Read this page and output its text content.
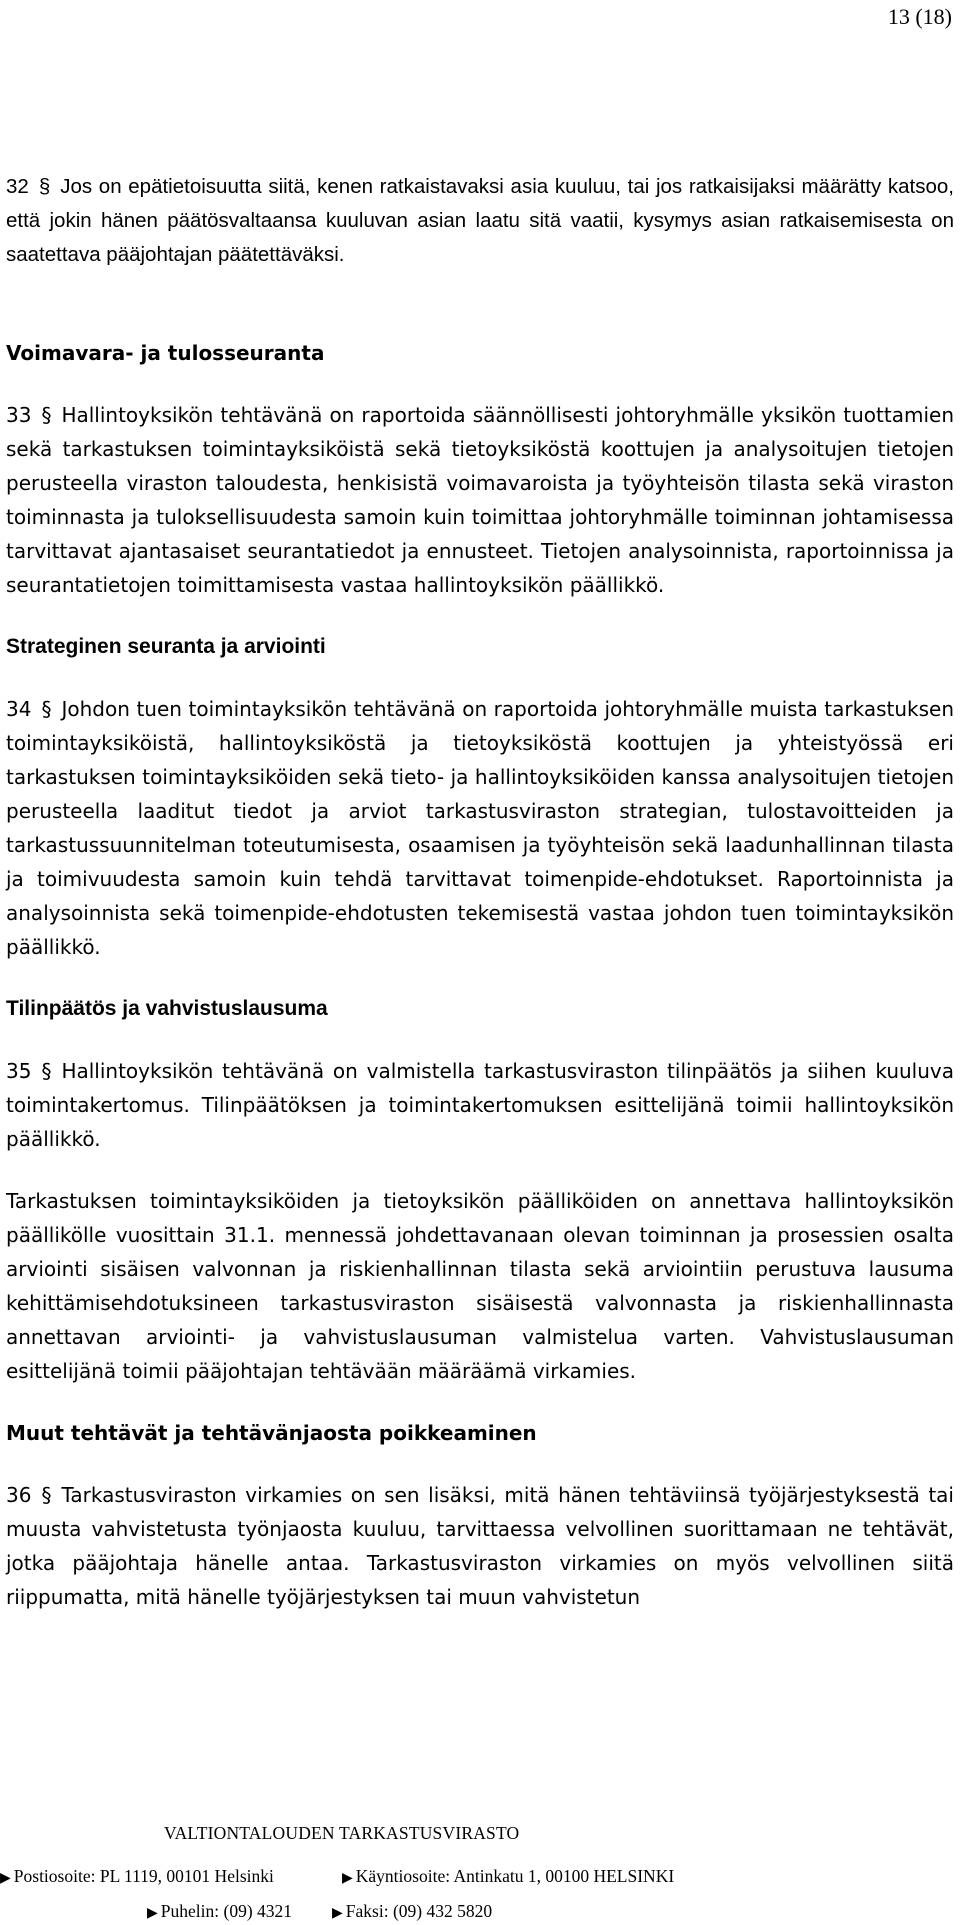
13 (18)

32 § Jos on epätietoisuutta siitä, kenen ratkaistavaksi asia kuuluu, tai jos ratkaisijaksi määrätty katsoo, että jokin hänen päätösvaltaansa kuuluvan asian laatu sitä vaatii, kysymys asian ratkaisemisesta on saatettava pääjohtajan päätettäväksi.

Voimavara- ja tulosseuranta

33 § Hallintoyksikön tehtävänä on raportoida säännöllisesti johtoryhmälle yksikön tuottamien sekä tarkastuksen toimintayksiköistä sekä tietoyksiköstä koottujen ja analysoitujen tietojen perusteella viraston taloudesta, henkisistä voimavaroista ja työyhteisön tilasta sekä viraston toiminnasta ja tuloksellisuudesta samoin kuin toimittaa johtoryhmälle toiminnan johtamisessa tarvittavat ajantasaiset seurantatiedot ja ennusteet. Tietojen analysoinnista, raportoinnissa ja seurantatietojen toimittamisesta vastaa hallintoyksikön päällikkö.

Strateginen seuranta ja arviointi

34 § Johdon tuen toimintayksikön tehtävänä on raportoida johtoryhmälle muista tarkastuksen toimintayksiköistä, hallintoyksiköstä ja tietoyksiköstä koottujen ja yhteistyössä eri tarkastuksen toimintayksiköiden sekä tieto- ja hallintoyksiköiden kanssa analysoitujen tietojen perusteella laaditut tiedot ja arviot tarkastusviraston strategian, tulostavoitteiden ja tarkastussuunnitelman toteutumisesta, osaamisen ja työyhteisön sekä laadunhallinnan tilasta ja toimivuudesta samoin kuin tehdä tarvittavat toimenpide-ehdotukset. Raportoinnista ja analysoinnista sekä toimenpide-ehdotusten tekemisestä vastaa johdon tuen toimintayksikön päällikkö.

Tilinpäätös ja vahvistuslausuma

35 § Hallintoyksikön tehtävänä on valmistella tarkastusviraston tilinpäätös ja siihen kuuluva toimintakertomus. Tilinpäätöksen ja toimintakertomuksen esittelijänä toimii hallintoyksikön päällikkö.

Tarkastuksen toimintayksiköiden ja tietoyksikön päälliköiden on annettava hallintoyksikön päällikölle vuosittain 31.1. mennessä johdettavanaan olevan toiminnan ja prosessien osalta arviointi sisäisen valvonnan ja riskienhallinnan tilasta sekä arviointiin perustuva lausuma kehittämisehdotuksineen tarkastusviraston sisäisestä valvonnasta ja riskienhallinnasta annettavan arviointi- ja vahvistuslausuman valmistelua varten. Vahvistuslausuman esittelijänä toimii pääjohtajan tehtävään määräämä virkamies.

Muut tehtävät ja tehtävänjaosta poikkeaminen

36 § Tarkastusviraston virkamies on sen lisäksi, mitä hänen tehtäviinsä työjärjestyksestä tai muusta vahvistetusta työnjaosta kuuluu, tarvittaessa velvollinen suorittamaan ne tehtävät, jotka pääjohtaja hänelle antaa. Tarkastusviraston virkamies on myös velvollinen siitä riippumatta, mitä hänelle työjärjestyksen tai muun vahvistetun

VALTIONTALOUDEN TARKASTUSVIRASTO
▶ Postiosoite: PL 1119, 00101 Helsinki	▶ Käyntiosoite: Antinkatu 1, 00100 HELSINKI
▶ Puhelin: (09) 4321	▶ Faksi: (09) 432 5820
